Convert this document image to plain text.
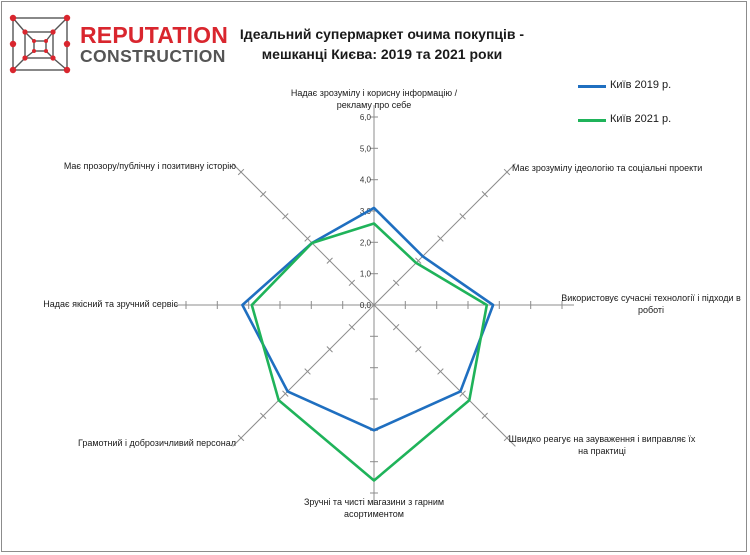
REPUTATION
CONSTRUCTION
Ідеальний супермаркет очима покупців -
мешканці Києва: 2019 та 2021 роки
Київ 2019 р.
Київ 2021 р.
0,0
1,0
2,0
3,0
4,0
5,0
6,0
Надає зрозумілу і корисну інформацію / рекламу про себе
Має зрозумілу ідеологію та соціальні проекти
Використовує сучасні технології і підходи в роботі
Швидко реагує на зауваження і виправляє їх на практиці
Зручні та чисті магазини з гарним асортиментом
Грамотний і доброзичливий персонал
Надає якісний та зручний сервіс
Має прозору/публічну і позитивну історію
